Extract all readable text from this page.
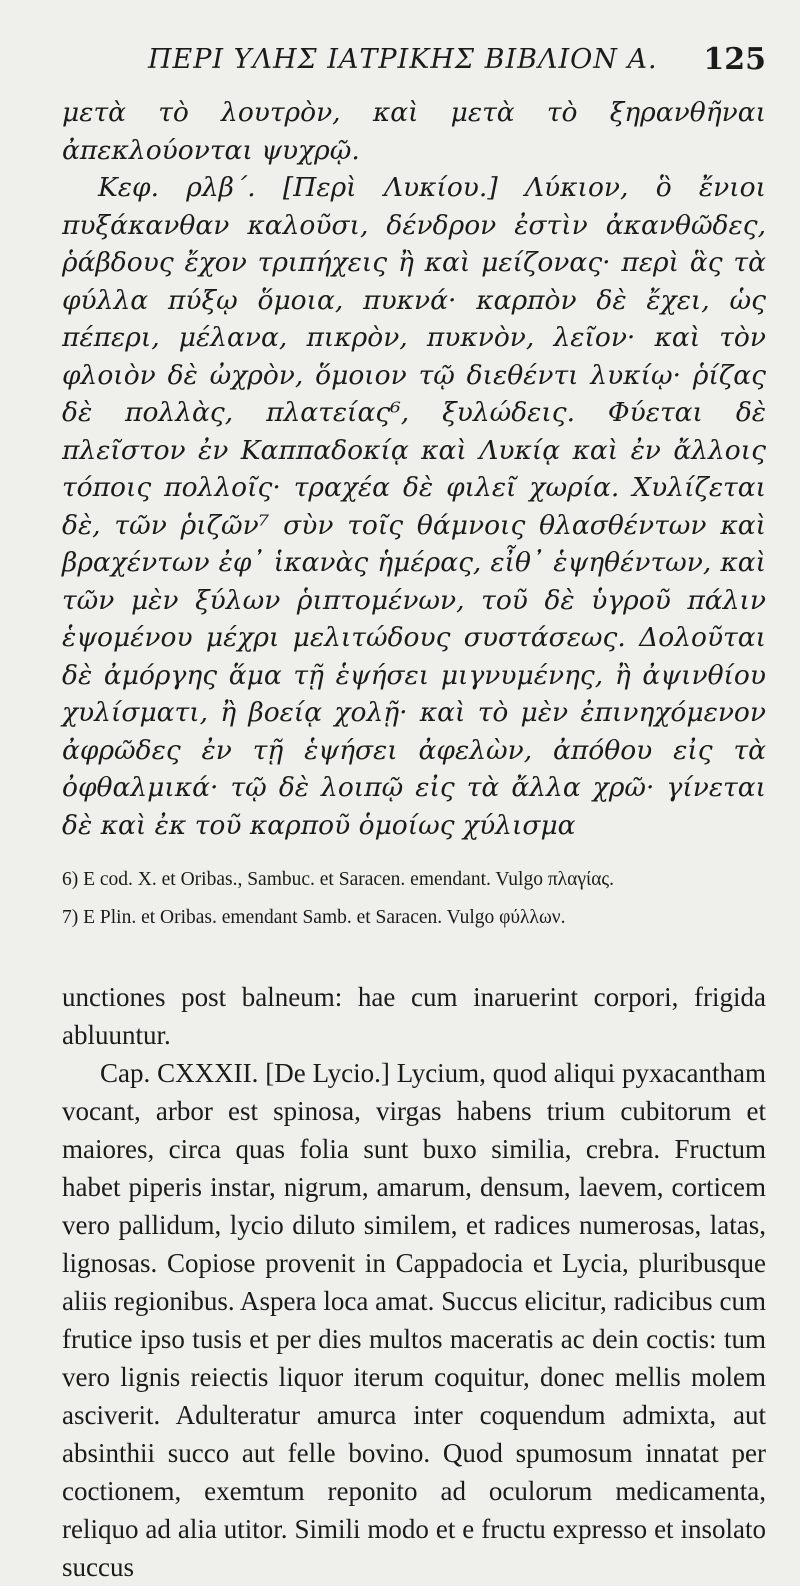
ΠΕΡΙ ΥΛΗΣ ΙΑΤΡΙΚΗΣ ΒΙΒΛΙΟΝ Α. 125

μετὰ τὸ λουτρὸν, καὶ μετὰ τὸ ξηρανθῆναι ἀπεκλούονται ψυχρῷ.

Κεφ. ρλβ΄. [Περὶ Λυκίου.] Λύκιον, ὃ ἔνιοι πυξάκανθαν καλοῦσι, δένδρον ἐστὶν ἀκανθῶδες, ῥάβδους ἔχον τριπήχεις ἢ καὶ μείζονας· περὶ ἃς τὰ φύλλα πύξῳ ὅμοια, πυκνά· καρπὸν δὲ ἔχει, ὡς πέπερι, μέλανα, πικρὸν, πυκνὸν, λεῖον· καὶ τὸν φλοιὸν δὲ ὠχρὸν, ὅμοιον τῷ διεθέντι λυκίῳ· ῥίζας δὲ πολλὰς, πλατείας⁶, ξυλώδεις. Φύεται δὲ πλεῖστον ἐν Καππαδοκίᾳ καὶ Λυκίᾳ καὶ ἐν ἄλλοις τόποις πολλοῖς· τραχέα δὲ φιλεῖ χωρία. Χυλίζεται δὲ, τῶν ῥιζῶν⁷ σὺν τοῖς θάμνοις θλασθέντων καὶ βραχέντων ἐφ᾽ ἱκανὰς ἡμέρας, εἶθ᾽ ἑψηθέντων, καὶ τῶν μὲν ξύλων ῥιπτομένων, τοῦ δὲ ὑγροῦ πάλιν ἑψομένου μέχρι μελιτώδους συστάσεως. Δολοῦται δὲ ἀμόργης ἅμα τῇ ἑψήσει μιγνυμένης, ἢ ἀψινθίου χυλίσματι, ἢ βοείᾳ χολῇ· καὶ τὸ μὲν ἐπινηχόμενον ἀφρῶδες ἐν τῇ ἑψήσει ἀφελὼν, ἀπόθου εἰς τὰ ὀφθαλμικά· τῷ δὲ λοιπῷ εἰς τὰ ἄλλα χρῶ· γίνεται δὲ καὶ ἐκ τοῦ καρποῦ ὁμοίως χύλισμα

6) E cod. X. et Oribas., Sambuc. et Saracen. emendant. Vulgo πλαγίας.
7) E Plin. et Oribas. emendant Samb. et Saracen. Vulgo φύλλων.

unctiones post balneum: hae cum inaruerint corpori, frigida abluuntur.

Cap. CXXXII. [De Lycio.] Lycium, quod aliqui pyxacantham vocant, arbor est spinosa, virgas habens trium cubitorum et maiores, circa quas folia sunt buxo similia, crebra. Fructum habet piperis instar, nigrum, amarum, densum, laevem, corticem vero pallidum, lycio diluto similem, et radices numerosas, latas, lignosas. Copiose provenit in Cappadocia et Lycia, pluribusque aliis regionibus. Aspera loca amat. Succus elicitur, radicibus cum frutice ipso tusis et per dies multos maceratis ac dein coctis: tum vero lignis reiectis liquor iterum coquitur, donec mellis molem asciverit. Adulteratur amurca inter coquendum admixta, aut absinthii succo aut felle bovino. Quod spumosum innatat per coctionem, exemtum reponito ad oculorum medicamenta, reliquo ad alia utitor. Simili modo et e fructu expresso et insolato succus
